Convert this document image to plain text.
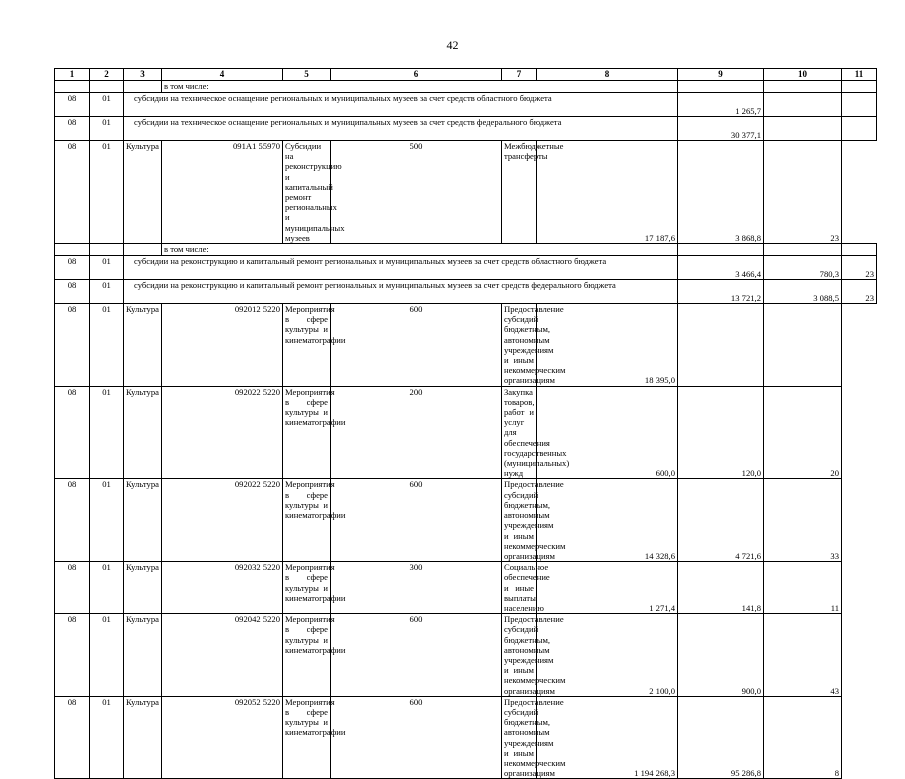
42
1	2	3	4	5	6	7	8	9	10	11
			в том числе:							
08	01	субсидии на техническое оснащение региональных и муниципальных музеев за счет средств областного бюджета						1 265,7		
08	01	субсидии на техническое оснащение региональных и муниципальных музеев за счет средств федерального бюджета						30 377,1		
08	01	Культура	091А1 55970	Субсидии на реконструкцию и капитальный ремонт региональных и муниципальных музеев	500	Межбюджетные трансферты	17 187,6	3 868,8	23	
			в том числе:							
08	01	субсидии на реконструкцию и капитальный ремонт региональных и муниципальных музеев за счет средств областного бюджета						3 466,4	780,3	23
08	01	субсидии на реконструкцию и капитальный ремонт региональных и муниципальных музеев за счет средств федерального бюджета						13 721,2	3 088,5	23
08	01	Культура	092012 5220	Мероприятия в сфере культуры и кинематографии	600	Предоставление субсидий бюджетным, автономным учреждениям и иным некоммерческим организациям	18 395,0			
08	01	Культура	092022 5220	Мероприятия в сфере культуры и кинематографии	200	Закупка товаров, работ и услуг для обеспечения государственных (муниципальных) нужд	600,0	120,0	20	
08	01	Культура	092022 5220	Мероприятия в сфере культуры и кинематографии	600	Предоставление субсидий бюджетным, автономным учреждениям и иным некоммерческим организациям	14 328,6	4 721,6	33	
08	01	Культура	092032 5220	Мероприятия в сфере культуры и кинематографии	300	Социальное обеспечение и иные выплаты населению	1 271,4	141,8	11	
08	01	Культура	092042 5220	Мероприятия в сфере культуры и кинематографии	600	Предоставление субсидий бюджетным, автономным учреждениям и иным некоммерческим организациям	2 100,0	900,0	43	
08	01	Культура	092052 5220	Мероприятия в сфере культуры и кинематографии	600	Предоставление субсидий бюджетным, автономным учреждениям и иным некоммерческим организациям	1 194 268,3	95 286,8	8	
